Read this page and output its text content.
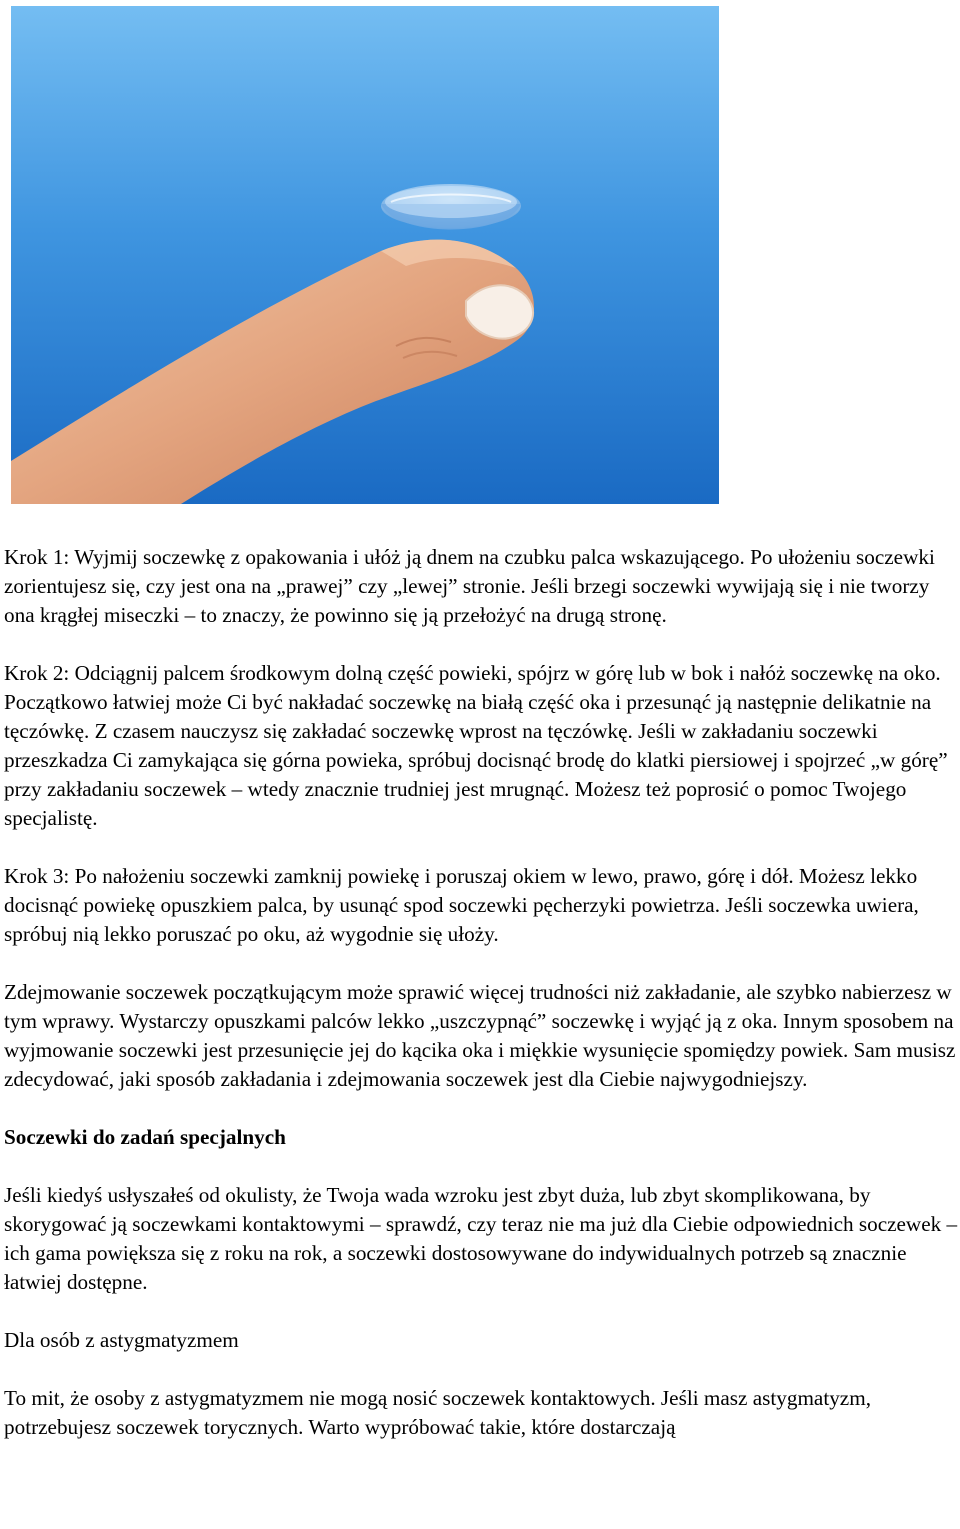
Krok 1: Wyjmij soczewkę z opakowania i ułóż ją dnem na czubku palca wskazującego. Po ułożeniu soczewki zorientujesz się, czy jest ona na „prawej” czy „lewej” stronie. Jeśli brzegi soczewki wywijają się i nie tworzy ona krągłej miseczki – to znaczy, że powinno się ją przełożyć na drugą stronę.

Krok 2: Odciągnij palcem środkowym dolną część powieki, spójrz w górę lub w bok i nałóż soczewkę na oko. Początkowo łatwiej może Ci być nakładać soczewkę na białą część oka i przesunąć ją następnie delikatnie na tęczówkę. Z czasem nauczysz się zakładać soczewkę wprost na tęczówkę. Jeśli w zakładaniu soczewki przeszkadza Ci zamykająca się górna powieka, spróbuj docisnąć brodę do klatki piersiowej i spojrzeć „w górę” przy zakładaniu soczewek – wtedy znacznie trudniej jest mrugnąć. Możesz też poprosić o pomoc Twojego specjalistę.

Krok 3: Po nałożeniu soczewki zamknij powiekę i poruszaj okiem w lewo, prawo, górę i dół. Możesz lekko docisnąć powiekę opuszkiem palca, by usunąć spod soczewki pęcherzyki powietrza. Jeśli soczewka uwiera, spróbuj nią lekko poruszać po oku, aż wygodnie się ułoży.

Zdejmowanie soczewek początkującym może sprawić więcej trudności niż zakładanie, ale szybko nabierzesz w tym wprawy. Wystarczy opuszkami palców lekko „uszczypnąć” soczewkę i wyjąć ją z oka. Innym sposobem na wyjmowanie soczewki jest przesunięcie jej do kącika oka i miękkie wysunięcie spomiędzy powiek. Sam musisz zdecydować, jaki sposób zakładania i zdejmowania soczewek jest dla Ciebie najwygodniejszy.

Soczewki do zadań specjalnych

Jeśli kiedyś usłyszałeś od okulisty, że Twoja wada wzroku jest zbyt duża, lub zbyt skomplikowana, by skorygować ją soczewkami kontaktowymi – sprawdź, czy teraz nie ma już dla Ciebie odpowiednich soczewek – ich gama powiększa się z roku na rok, a soczewki dostosowywane do indywidualnych potrzeb są znacznie łatwiej dostępne.

Dla osób z astygmatyzmem

To mit, że osoby z astygmatyzmem nie mogą nosić soczewek kontaktowych. Jeśli masz astygmatyzm, potrzebujesz soczewek torycznych. Warto wypróbować takie, które dostarczają
